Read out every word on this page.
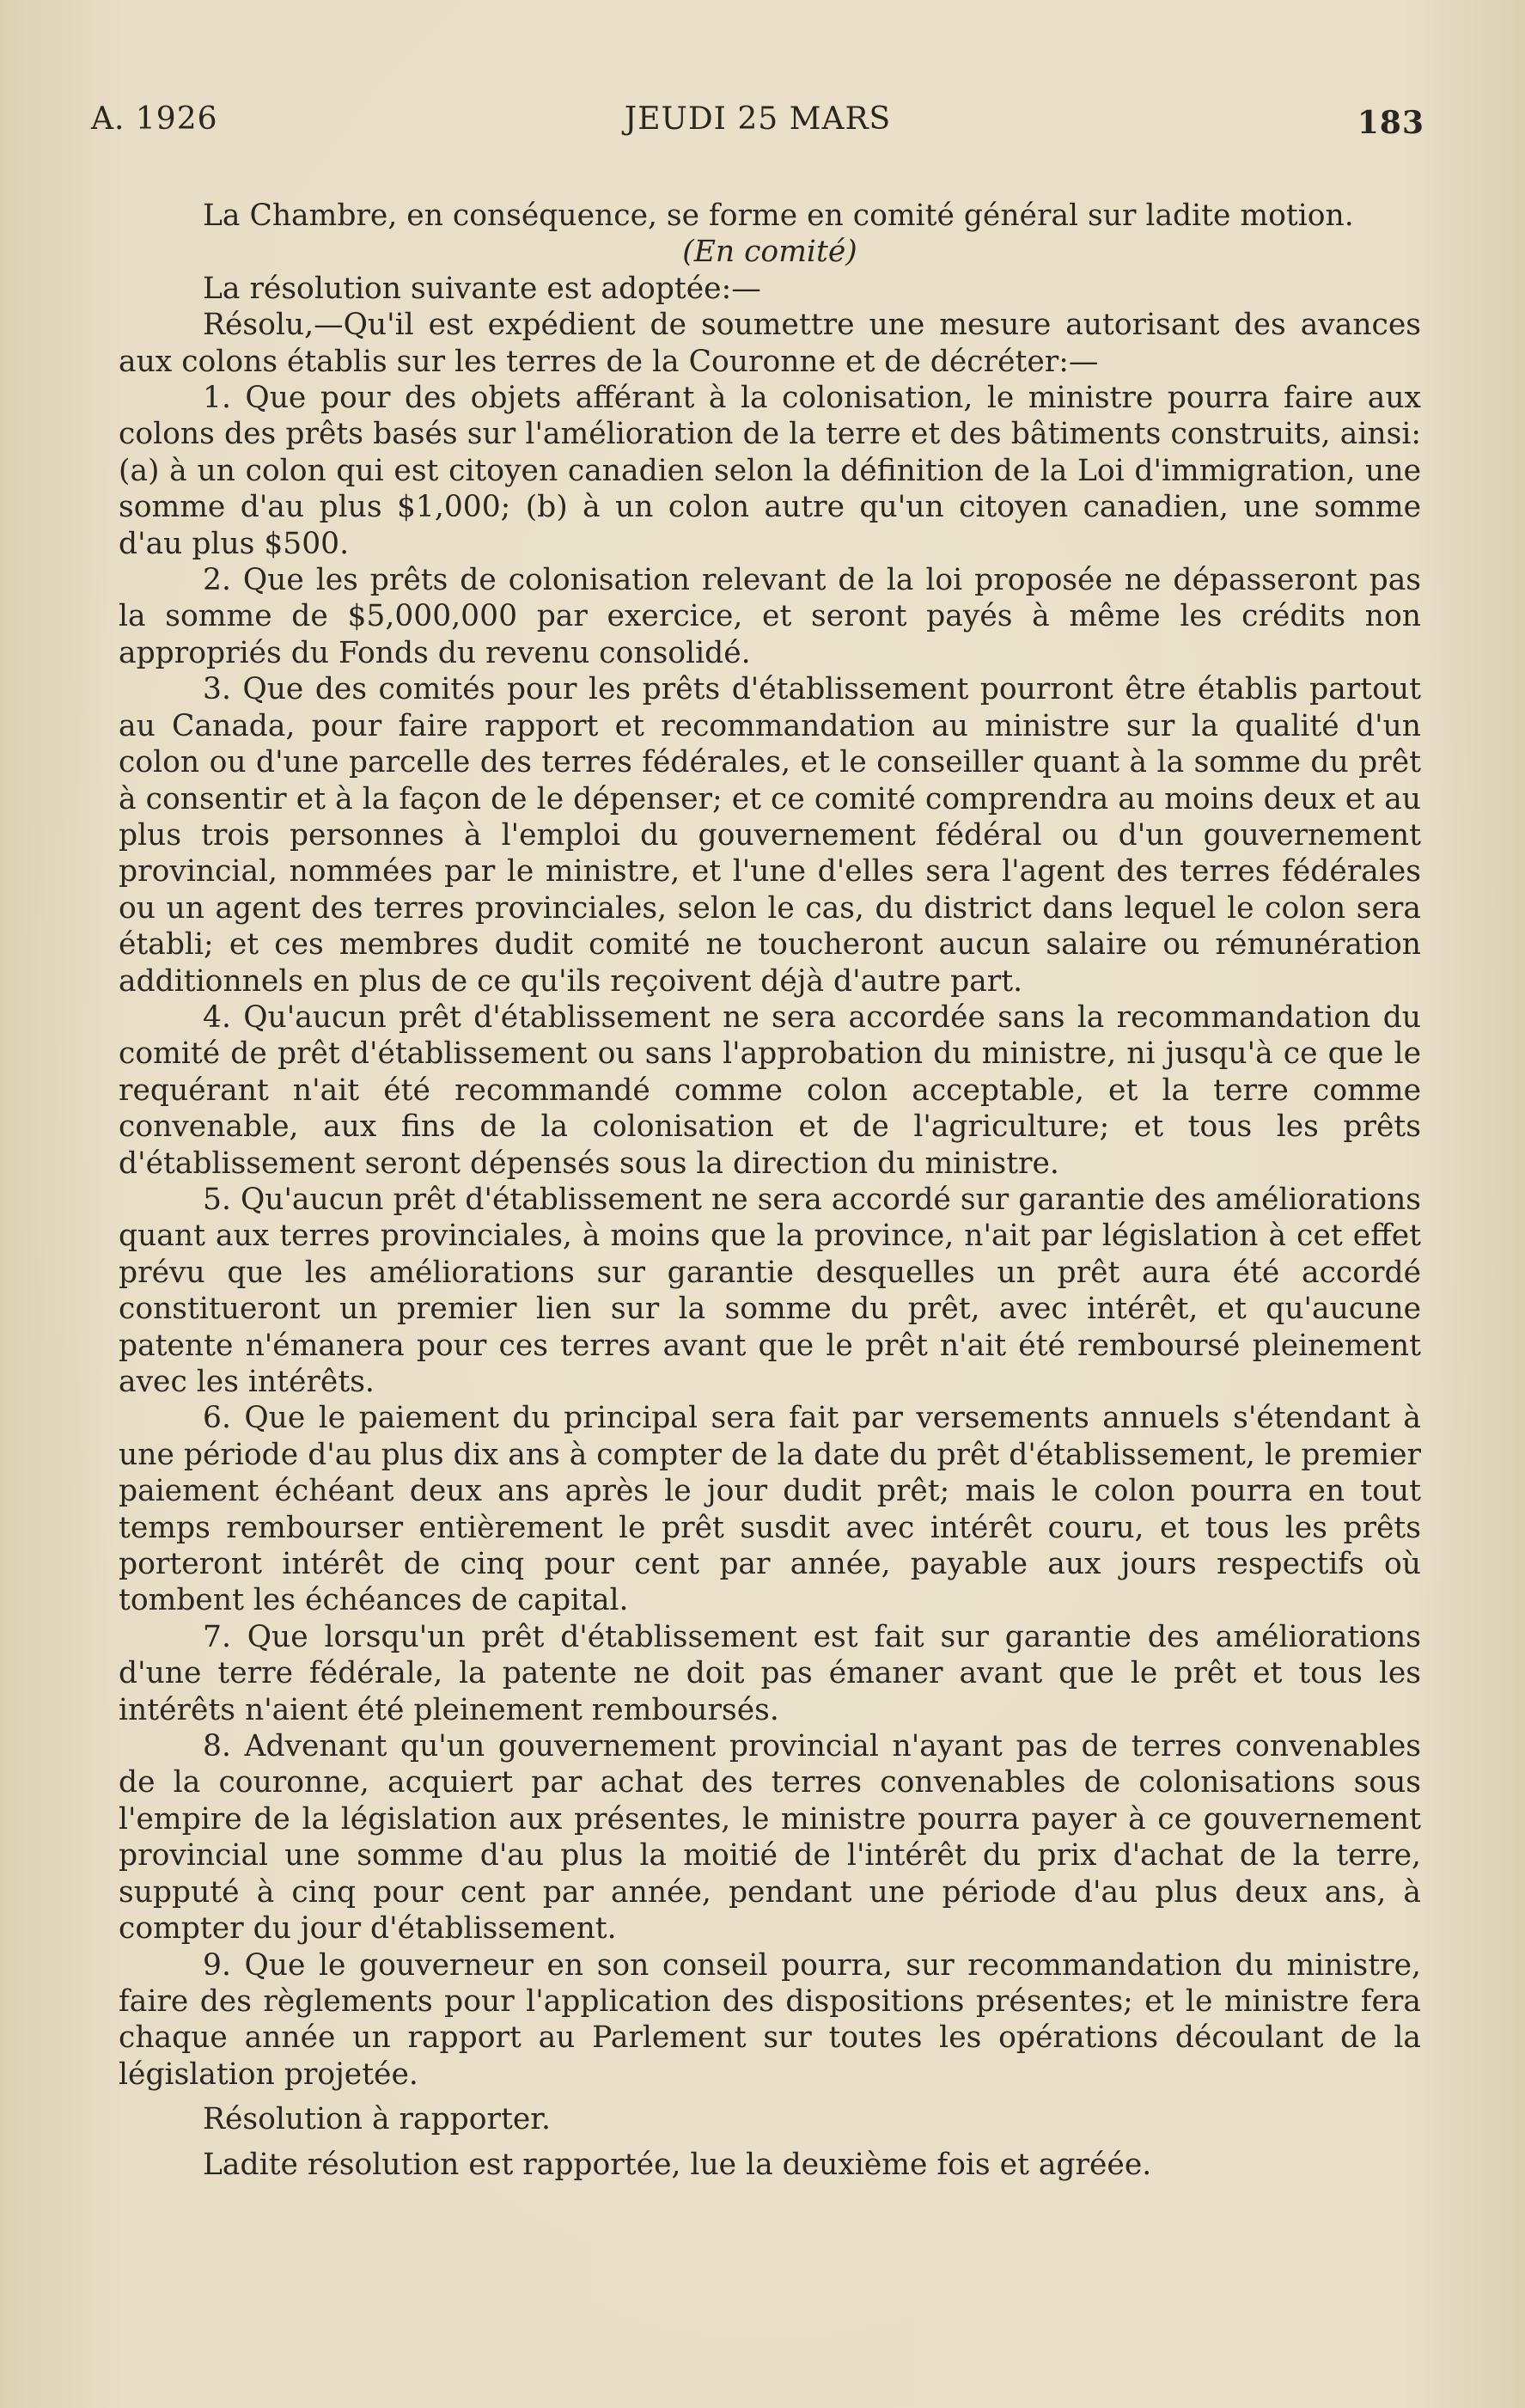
A. 1926	JEUDI 25 MARS	183

La Chambre, en conséquence, se forme en comité général sur ladite motion.

(En comité)

La résolution suivante est adoptée:—

Résolu,—Qu'il est expédient de soumettre une mesure autorisant des avances aux colons établis sur les terres de la Couronne et de décréter:—

1. Que pour des objets afférant à la colonisation, le ministre pourra faire aux colons des prêts basés sur l'amélioration de la terre et des bâtiments construits, ainsi: (a) à un colon qui est citoyen canadien selon la définition de la Loi d'immigration, une somme d'au plus $1,000; (b) à un colon autre qu'un citoyen canadien, une somme d'au plus $500.

2. Que les prêts de colonisation relevant de la loi proposée ne dépasseront pas la somme de $5,000,000 par exercice, et seront payés à même les crédits non appropriés du Fonds du revenu consolidé.

3. Que des comités pour les prêts d'établissement pourront être établis partout au Canada, pour faire rapport et recommandation au ministre sur la qualité d'un colon ou d'une parcelle des terres fédérales, et le conseiller quant à la somme du prêt à consentir et à la façon de le dépenser; et ce comité comprendra au moins deux et au plus trois personnes à l'emploi du gouvernement fédéral ou d'un gouvernement provincial, nommées par le ministre, et l'une d'elles sera l'agent des terres fédérales ou un agent des terres provinciales, selon le cas, du district dans lequel le colon sera établi; et ces membres dudit comité ne toucheront aucun salaire ou rémunération additionnels en plus de ce qu'ils reçoivent déjà d'autre part.

4. Qu'aucun prêt d'établissement ne sera accordée sans la recommandation du comité de prêt d'établissement ou sans l'approbation du ministre, ni jusqu'à ce que le requérant n'ait été recommandé comme colon acceptable, et la terre comme convenable, aux fins de la colonisation et de l'agriculture; et tous les prêts d'établissement seront dépensés sous la direction du ministre.

5. Qu'aucun prêt d'établissement ne sera accordé sur garantie des améliorations quant aux terres provinciales, à moins que la province, n'ait par législation à cet effet prévu que les améliorations sur garantie desquelles un prêt aura été accordé constitueront un premier lien sur la somme du prêt, avec intérêt, et qu'aucune patente n'émanera pour ces terres avant que le prêt n'ait été remboursé pleinement avec les intérêts.

6. Que le paiement du principal sera fait par versements annuels s'étendant à une période d'au plus dix ans à compter de la date du prêt d'établissement, le premier paiement échéant deux ans après le jour dudit prêt; mais le colon pourra en tout temps rembourser entièrement le prêt susdit avec intérêt couru, et tous les prêts porteront intérêt de cinq pour cent par année, payable aux jours respectifs où tombent les échéances de capital.

7. Que lorsqu'un prêt d'établissement est fait sur garantie des améliorations d'une terre fédérale, la patente ne doit pas émaner avant que le prêt et tous les intérêts n'aient été pleinement remboursés.

8. Advenant qu'un gouvernement provincial n'ayant pas de terres convenables de la couronne, acquiert par achat des terres convenables de colonisations sous l'empire de la législation aux présentes, le ministre pourra payer à ce gouvernement provincial une somme d'au plus la moitié de l'intérêt du prix d'achat de la terre, supputé à cinq pour cent par année, pendant une période d'au plus deux ans, à compter du jour d'établissement.

9. Que le gouverneur en son conseil pourra, sur recommandation du ministre, faire des règlements pour l'application des dispositions présentes; et le ministre fera chaque année un rapport au Parlement sur toutes les opérations découlant de la législation projetée.

Résolution à rapporter.

Ladite résolution est rapportée, lue la deuxième fois et agréée.
